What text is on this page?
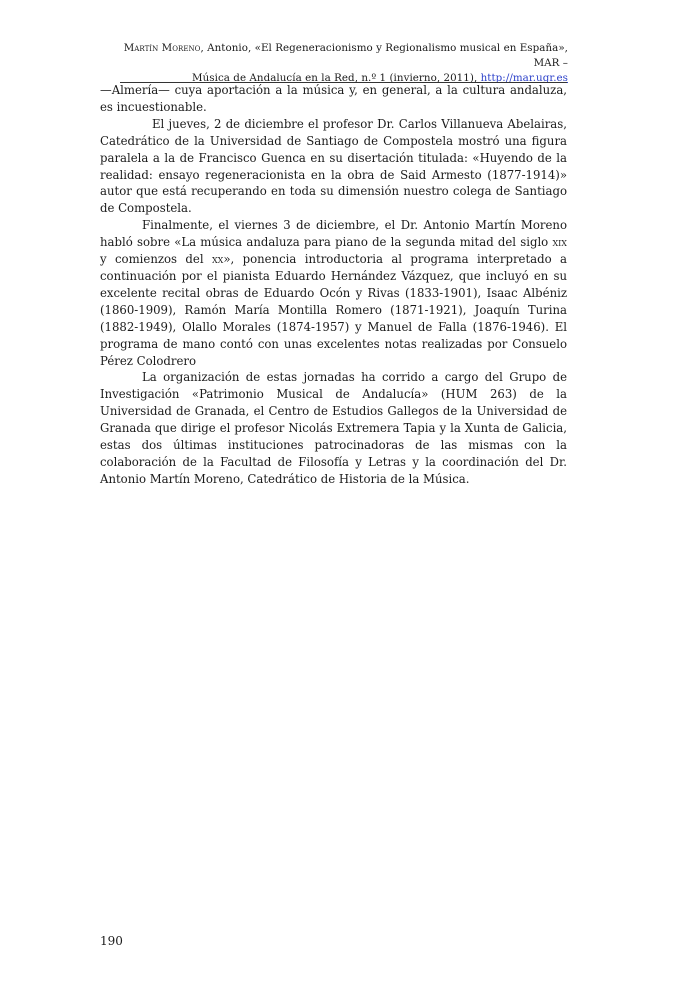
Martín Moreno, Antonio, «El Regeneracionismo y Regionalismo musical en España», MAR –
Música de Andalucía en la Red, n.º 1 (invierno, 2011), http://mar.ugr.es

—Almería— cuya aportación a la música y, en general, a la cultura andaluza, es incuestionable.

El jueves, 2 de diciembre el profesor Dr. Carlos Villanueva Abelairas, Catedrático de la Universidad de Santiago de Compostela mostró una figura paralela a la de Francisco Guenca en su disertación titulada: «Huyendo de la realidad: ensayo regeneracionista en la obra de Said Armesto (1877-1914)» autor que está recuperando en toda su dimensión nuestro colega de Santiago de Compostela.

Finalmente, el viernes 3 de diciembre, el Dr. Antonio Martín Moreno habló sobre «La música andaluza para piano de la segunda mitad del siglo xix y comienzos del xx», ponencia introductoria al programa interpretado a continuación por el pianista Eduardo Hernández Vázquez, que incluyó en su excelente recital obras de Eduardo Ocón y Rivas (1833-1901), Isaac Albéniz (1860-1909), Ramón María Montilla Romero (1871-1921), Joaquín Turina (1882-1949), Olallo Morales (1874-1957) y Manuel de Falla (1876-1946). El programa de mano contó con unas excelentes notas realizadas por Consuelo Pérez Colodrero

La organización de estas jornadas ha corrido a cargo del Grupo de Investigación «Patrimonio Musical de Andalucía» (HUM 263) de la Universidad de Granada, el Centro de Estudios Gallegos de la Universidad de Granada que dirige el profesor Nicolás Extremera Tapia y la Xunta de Galicia, estas dos últimas instituciones patrocinadoras de las mismas con la colaboración de la Facultad de Filosofía y Letras y la coordinación del Dr. Antonio Martín Moreno, Catedrático de Historia de la Música.

190
